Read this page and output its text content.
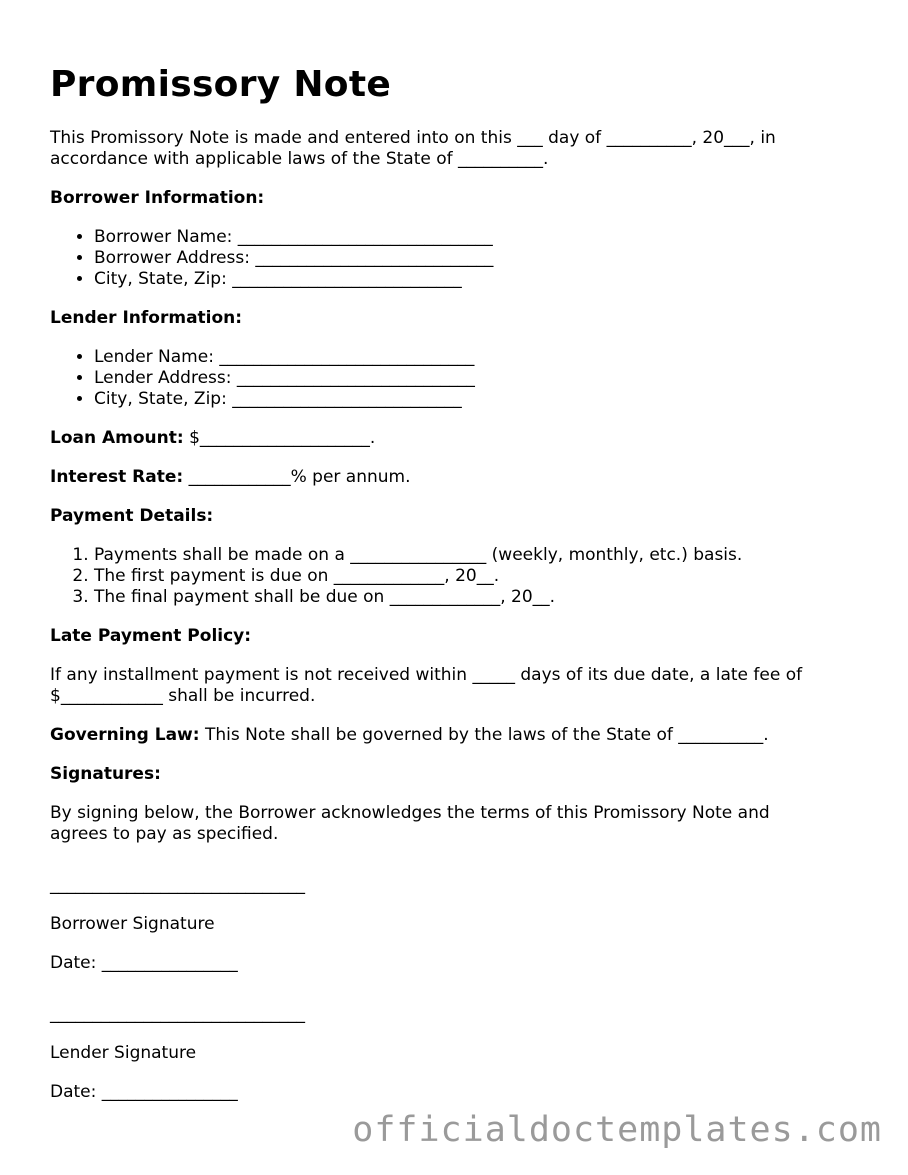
Promissory Note

This Promissory Note is made and entered into on this ___ day of __________, 20___, in
accordance with applicable laws of the State of __________.

Borrower Information:

• Borrower Name: ______________________________
• Borrower Address: ____________________________
• City, State, Zip: ___________________________

Lender Information:

• Lender Name: ______________________________
• Lender Address: ____________________________
• City, State, Zip: ___________________________

Loan Amount: $____________________.

Interest Rate: ____________% per annum.

Payment Details:

1. Payments shall be made on a ________________ (weekly, monthly, etc.) basis.
2. The first payment is due on _____________, 20__.
3. The final payment shall be due on _____________, 20__.

Late Payment Policy:

If any installment payment is not received within _____ days of its due date, a late fee of
$____________ shall be incurred.

Governing Law: This Note shall be governed by the laws of the State of __________.

Signatures:

By signing below, the Borrower acknowledges the terms of this Promissory Note and
agrees to pay as specified.

______________________________

Borrower Signature

Date: ________________

______________________________

Lender Signature

Date: ________________

officialdoctemplates.com
